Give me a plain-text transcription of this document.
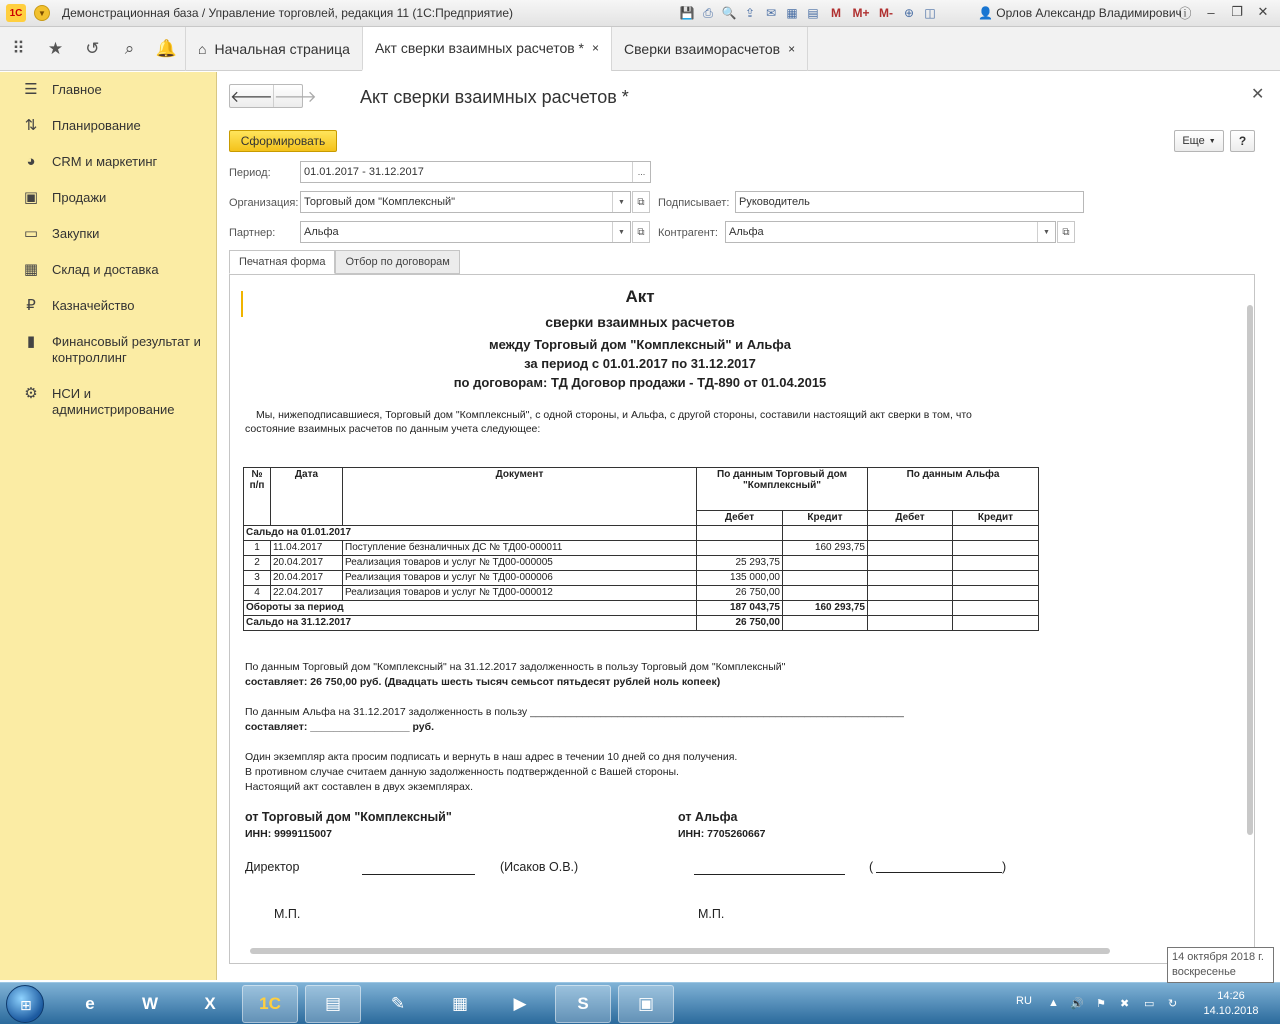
1С	▼	Демонстрационная база / Управление торговлей, редакция 11 (1С:Предприятие)	💾 ⎙ 🔍 ⇪ ✉ ▦ ▤	M M+ M- ⊕ ◫	👤 Орлов Александр Владимирович
ⓘ	–	❐	✕
⠿	★	↺	⌕	🔔	⌂ Начальная страница Акт сверки взаимных расчетов * × Сверки взаиморасчетов ×
☰ Главное
⇅ Планирование
◕	CRM и маркетинг
▣ Продажи
▭ Закупки
▦ Склад и доставка
₽	Казначейство
▮	Финансовый результат и контроллинг
⚙ НСИ и администрирование
🡐 🡒 Акт сверки взаимных расчетов *	✕
Сформировать	Еще ▼	?
Период:	01.01.2017 - 31.12.2017	...
Организация: Торговый дом "Комплексный"	▼	⧉	Подписывает: Руководитель
Партнер:	Альфа	▼	⧉	Контрагент: Альфа	▼	⧉
Печатная форма	Отбор по договорам
Акт
сверки взаимных расчетов
между Торговый дом "Комплексный" и Альфа
за период с 01.01.2017 по 31.12.2017
по договорам: ТД Договор продажи - ТД-890 от 01.04.2015
Мы, нижеподписавшиеся, Торговый дом "Комплексный", с одной стороны, и Альфа, с другой стороны, составили настоящий акт сверки в том, что
состояние взаимных расчетов по данным учета следующее:
№ п/п	Дата	Документ	По данным Торговый дом "Комплексный"		По данным Альфа	
			Дебет	Кредит	Дебет	Кредит
Сальдо на 01.01.2017						
1	11.04.2017	Поступление безналичных ДС № ТД00-000011		160 293,75		
2	20.04.2017	Реализация товаров и услуг № ТД00-000005	25 293,75			
3	20.04.2017	Реализация товаров и услуг № ТД00-000006	135 000,00			
4	22.04.2017	Реализация товаров и услуг № ТД00-000012	26 750,00			
Обороты за период			187 043,75	160 293,75		
Сальдо на 31.12.2017			26 750,00			
По данным Торговый дом "Комплексный" на 31.12.2017 задолженность в пользу Торговый дом "Комплексный"
составляет: 26 750,00 руб. (Двадцать шесть тысяч семьсот пятьдесят рублей ноль копеек)
По данным Альфа на 31.12.2017 задолженность в пользу ________________________________________________________________
составляет: _________________ руб.
Один экземпляр акта просим подписать и вернуть в наш адрес в течении 10 дней со дня получения.
В противном случае считаем данную задолженность подтвержденной с Вашей стороны.
Настоящий акт составлен в двух экземплярах.
от Торговый дом "Комплексный"
ИНН: 9999115007
от Альфа
ИНН: 7705260667
Директор	(Исаков О.В.)	(	)
М.П.	М.П.
⊞	e	W	X	1C	▤	✎	▦	▶	S	▣	RU ▲ 🔊 ⚑ ✖ ▭ ↻
14:26
14.10.2018
14 октября 2018 г.
воскресенье
